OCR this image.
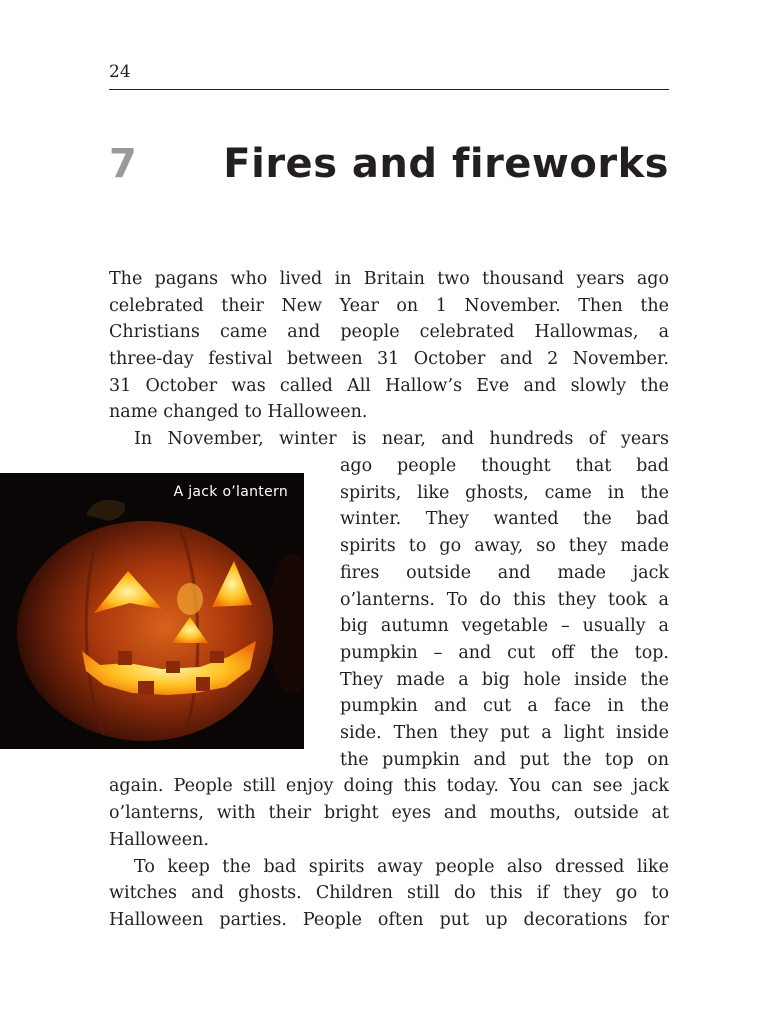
24
7 Fires and fireworks
The pagans who lived in Britain two thousand years ago
celebrated their New Year on 1 November. Then the
Christians came and people celebrated Hallowmas, a
three-day festival between 31 October and 2 November.
31 October was called All Hallow’s Eve and slowly the
name changed to Halloween.
In November, winter is near, and hundreds of years
ago people thought that bad
spirits, like ghosts, came in the
winter. They wanted the bad
spirits to go away, so they made
fires outside and made jack
o’lanterns. To do this they took a
big autumn vegetable – usually a
pumpkin – and cut off the top.
They made a big hole inside the
pumpkin and cut a face in the
side. Then they put a light inside
the pumpkin and put the top on
again. People still enjoy doing this today. You can see jack
o’lanterns, with their bright eyes and mouths, outside at
Halloween.
To keep the bad spirits away people also dressed like
witches and ghosts. Children still do this if they go to
Halloween parties. People often put up decorations for
A jack o’lantern
